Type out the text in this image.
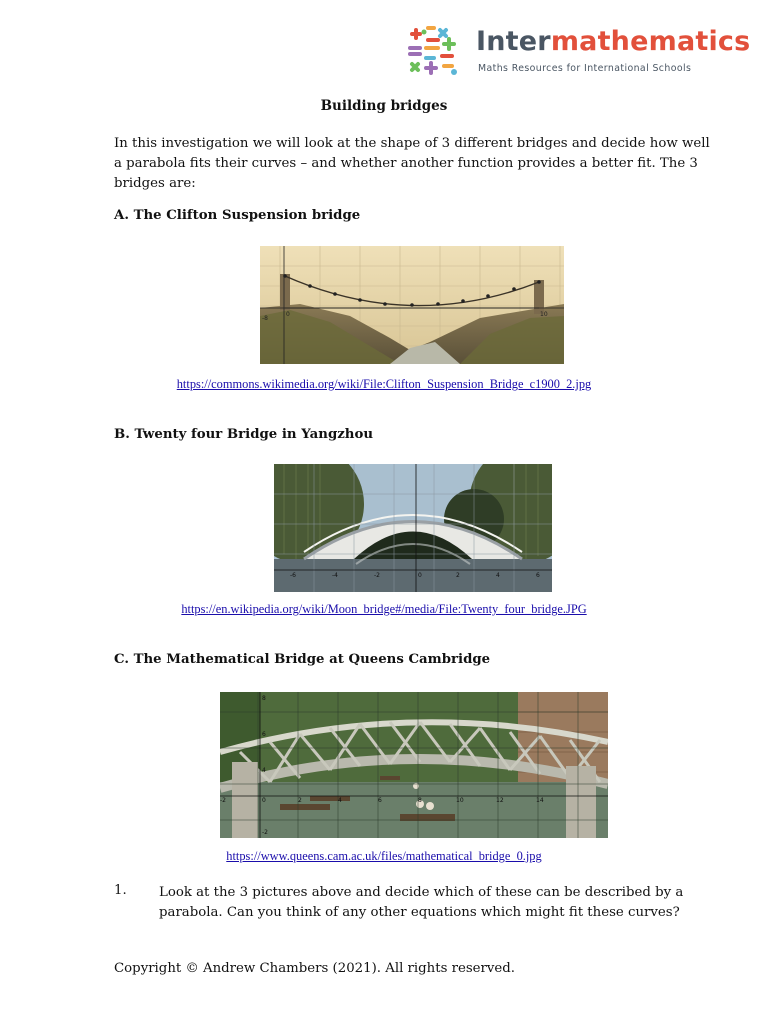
Intermathematics
Maths Resources for International Schools
Building bridges
In this investigation we will look at the shape of 3 different bridges and decide how well a parabola fits their curves – and whether another function provides a better fit. The 3 bridges are:
A. The Clifton Suspension bridge
-8
0	10
https://commons.wikimedia.org/wiki/File:Clifton_Suspension_Bridge_c1900_2.jpg
B. Twenty four Bridge in Yangzhou
-6	-4	-2	0	2	4	6
https://en.wikipedia.org/wiki/Moon_bridge#/media/File:Twenty_four_bridge.JPG
C. The Mathematical Bridge at Queens Cambridge
-2	0	2	4	6	8	10	12	14
8
6
4
-2
https://www.queens.cam.ac.uk/files/mathematical_bridge_0.jpg
1. Look at the 3 pictures above and decide which of these can be described by a parabola. Can you think of any other equations which might fit these curves?
Copyright © Andrew Chambers (2021). All rights reserved.
